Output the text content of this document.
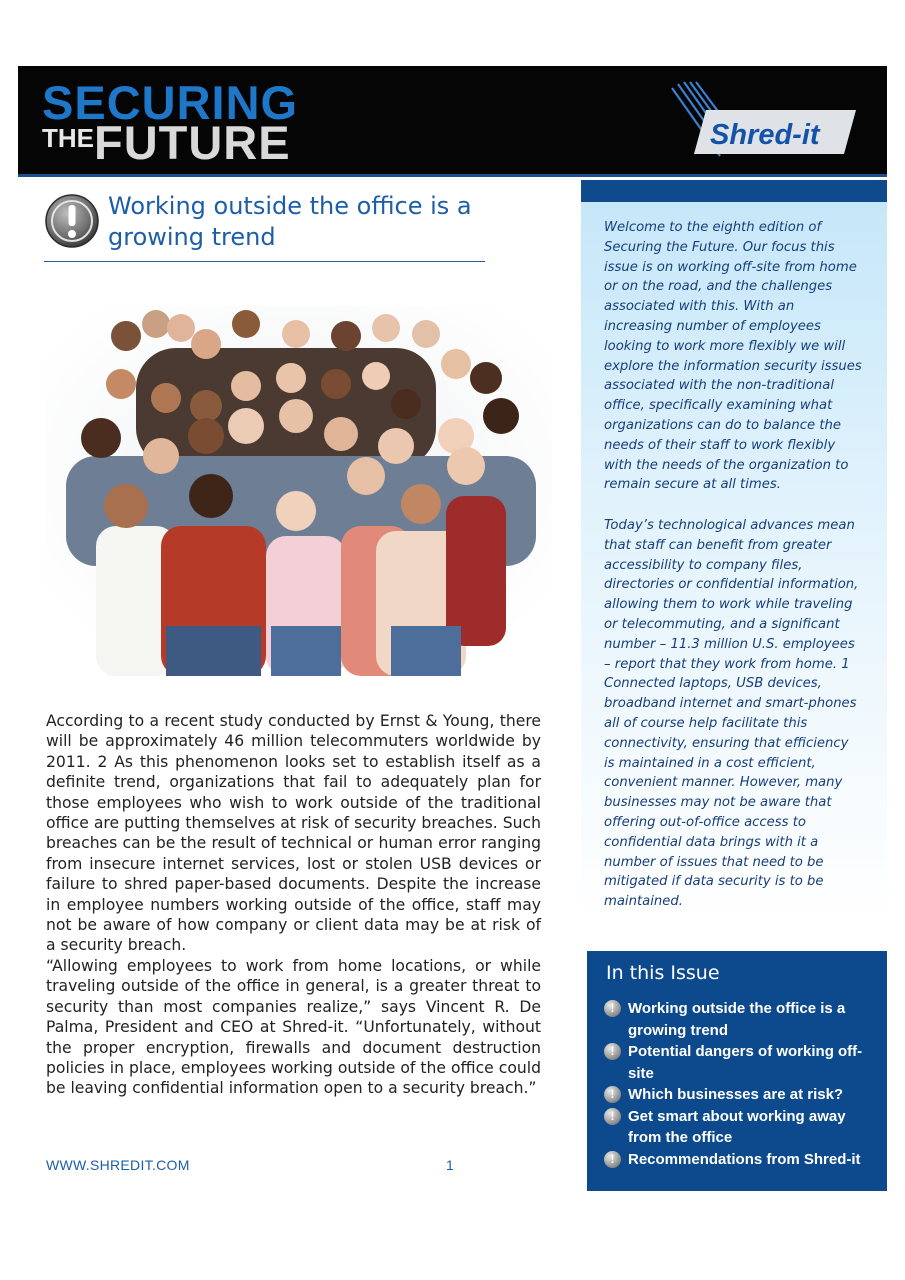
SECURING
THEFUTURE	Shred-it
Working outside the office is a growing trend
According to a recent study conducted by Ernst & Young, there will be approximately 46 million telecommuters worldwide by 2011. 2 As this phenomenon looks set to establish itself as a definite trend, organizations that fail to adequately plan for those employees who wish to work outside of the traditional office are putting themselves at risk of security breaches. Such breaches can be the result of technical or human error ranging from insecure internet services, lost or stolen USB devices or failure to shred paper-based documents. Despite the increase in employee numbers working outside of the office, staff may not be aware of how company or client data may be at risk of a security breach.
“Allowing employees to work from home locations, or while traveling outside of the office in general, is a greater threat to security than most companies realize,” says Vincent R. De Palma, President and CEO at Shred-it. “Unfortunately, without the proper encryption, firewalls and document destruction policies in place, employees working outside of the office could be leaving confidential information open to a security breach.”
WWW.SHREDIT.COM	1
Welcome to the eighth edition of Securing the Future. Our focus this issue is on working off-site from home or on the road, and the challenges associated with this. With an increasing number of employees looking to work more flexibly we will explore the information security issues associated with the non-traditional office, specifically examining what organizations can do to balance the needs of their staff to work flexibly with the needs of the organization to remain secure at all times.
Today’s technological advances mean that staff can benefit from greater accessibility to company files, directories or confidential information, allowing them to work while traveling or telecommuting, and a significant number – 11.3 million U.S. employees – report that they work from home. 1 Connected laptops, USB devices, broadband internet and smart-phones all of course help facilitate this connectivity, ensuring that efficiency is maintained in a cost efficient, convenient manner. However, many businesses may not be aware that offering out-of-office access to confidential data brings with it a number of issues that need to be mitigated if data security is to be maintained.
In this Issue
! Working outside the office is a growing trend
! Potential dangers of working off-site
! Which businesses are at risk?
! Get smart about working away from the office
! Recommendations from Shred-it
